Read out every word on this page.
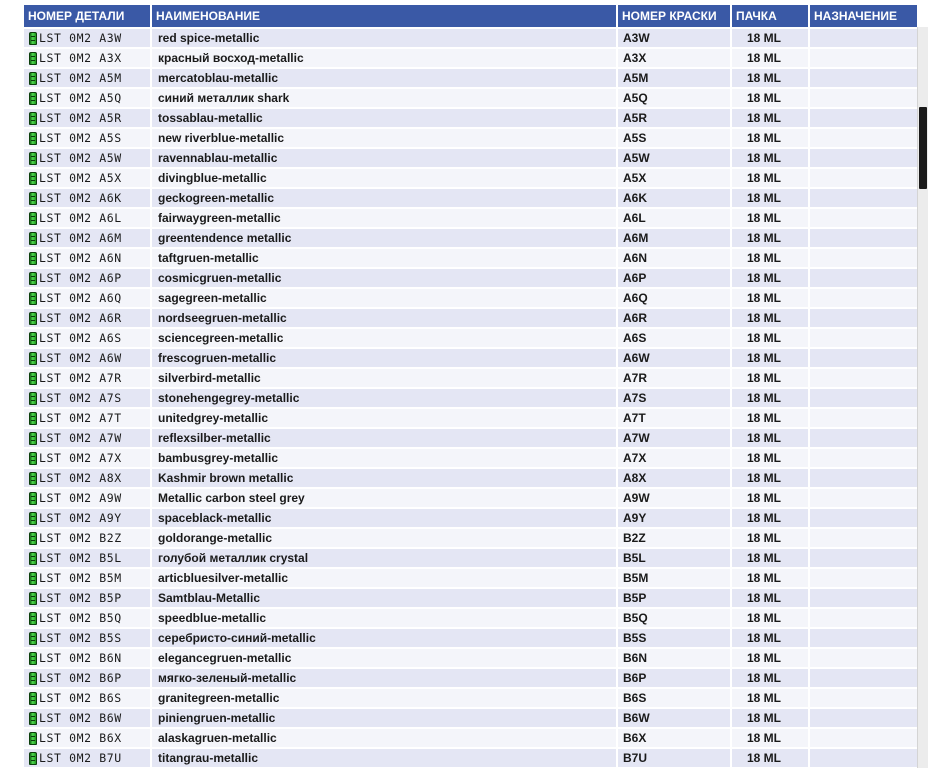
НОМЕР ДЕТАЛИ	НАИМЕНОВАНИЕ	НОМЕР КРАСКИ	ПАЧКА	НАЗНАЧЕНИЕ
LST 0M2 A3W	red spice-metallic	A3W	18 ML	
LST 0M2 A3X	красный восход-metallic	A3X	18 ML	
LST 0M2 A5M	mercatoblau-metallic	A5M	18 ML	
LST 0M2 A5Q	синий металлик shark	A5Q	18 ML	
LST 0M2 A5R	tossablau-metallic	A5R	18 ML	
LST 0M2 A5S	new riverblue-metallic	A5S	18 ML	
LST 0M2 A5W	ravennablau-metallic	A5W	18 ML	
LST 0M2 A5X	divingblue-metallic	A5X	18 ML	
LST 0M2 A6K	geckogreen-metallic	A6K	18 ML	
LST 0M2 A6L	fairwaygreen-metallic	A6L	18 ML	
LST 0M2 A6M	greentendence metallic	A6M	18 ML	
LST 0M2 A6N	taftgruen-metallic	A6N	18 ML	
LST 0M2 A6P	cosmicgruen-metallic	A6P	18 ML	
LST 0M2 A6Q	sagegreen-metallic	A6Q	18 ML	
LST 0M2 A6R	nordseegruen-metallic	A6R	18 ML	
LST 0M2 A6S	sciencegreen-metallic	A6S	18 ML	
LST 0M2 A6W	frescogruen-metallic	A6W	18 ML	
LST 0M2 A7R	silverbird-metallic	A7R	18 ML	
LST 0M2 A7S	stonehengegrey-metallic	A7S	18 ML	
LST 0M2 A7T	unitedgrey-metallic	A7T	18 ML	
LST 0M2 A7W	reflexsilber-metallic	A7W	18 ML	
LST 0M2 A7X	bambusgrey-metallic	A7X	18 ML	
LST 0M2 A8X	Kashmir brown metallic	A8X	18 ML	
LST 0M2 A9W	Metallic carbon steel grey	A9W	18 ML	
LST 0M2 A9Y	spaceblack-metallic	A9Y	18 ML	
LST 0M2 B2Z	goldorange-metallic	B2Z	18 ML	
LST 0M2 B5L	голубой металлик crystal	B5L	18 ML	
LST 0M2 B5M	articbluesilver-metallic	B5M	18 ML	
LST 0M2 B5P	Samtblau-Metallic	B5P	18 ML	
LST 0M2 B5Q	speedblue-metallic	B5Q	18 ML	
LST 0M2 B5S	серебристо-синий-metallic	B5S	18 ML	
LST 0M2 B6N	elegancegruen-metallic	B6N	18 ML	
LST 0M2 B6P	мягко-зеленый-metallic	B6P	18 ML	
LST 0M2 B6S	granitegreen-metallic	B6S	18 ML	
LST 0M2 B6W	piniengruen-metallic	B6W	18 ML	
LST 0M2 B6X	alaskagruen-metallic	B6X	18 ML	
LST 0M2 B7U	titangrau-metallic	B7U	18 ML	
